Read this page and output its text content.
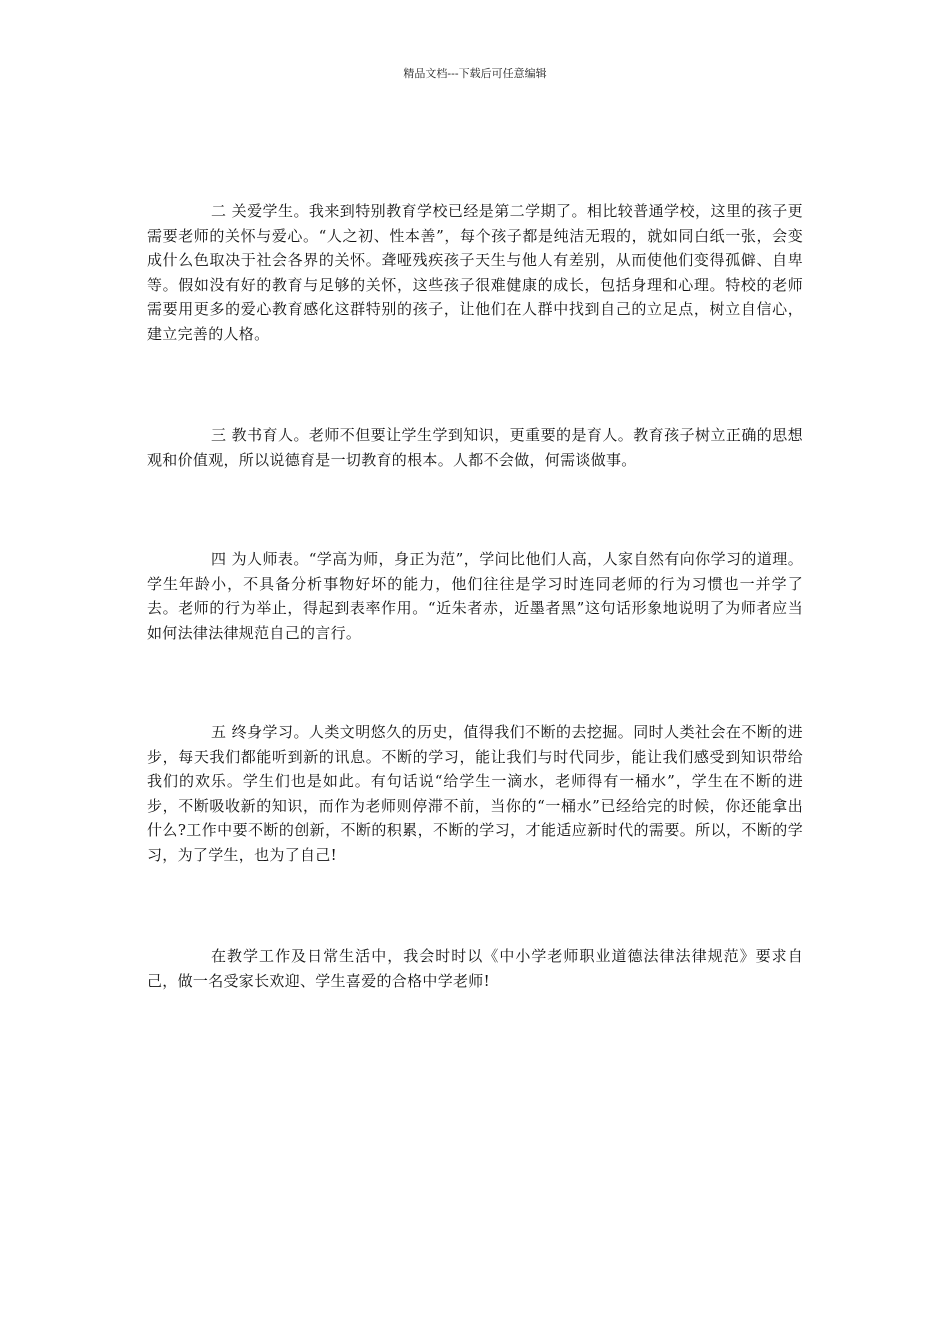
精品文档---下载后可任意编辑

二 关爱学生。我来到特别教育学校已经是第二学期了。相比较普通学校，这里的孩子更需要老师的关怀与爱心。“人之初、性本善”，每个孩子都是纯洁无瑕的，就如同白纸一张，会变成什么色取决于社会各界的关怀。聋哑残疾孩子天生与他人有差别，从而使他们变得孤僻、自卑等。假如没有好的教育与足够的关怀，这些孩子很难健康的成长，包括身理和心理。特校的老师需要用更多的爱心教育感化这群特别的孩子，让他们在人群中找到自己的立足点，树立自信心，建立完善的人格。

三 教书育人。老师不但要让学生学到知识，更重要的是育人。教育孩子树立正确的思想观和价值观，所以说德育是一切教育的根本。人都不会做，何需谈做事。

四 为人师表。“学高为师，身正为范”，学问比他们人高，人家自然有向你学习的道理。学生年龄小，不具备分析事物好坏的能力，他们往往是学习时连同老师的行为习惯也一并学了去。老师的行为举止，得起到表率作用。“近朱者赤，近墨者黑”这句话形象地说明了为师者应当如何法律法律规范自己的言行。

五 终身学习。人类文明悠久的历史，值得我们不断的去挖掘。同时人类社会在不断的进步，每天我们都能听到新的讯息。不断的学习，能让我们与时代同步，能让我们感受到知识带给我们的欢乐。学生们也是如此。有句话说“给学生一滴水，老师得有一桶水”，学生在不断的进步，不断吸收新的知识，而作为老师则停滞不前，当你的“一桶水”已经给完的时候，你还能拿出什么?工作中要不断的创新，不断的积累，不断的学习，才能适应新时代的需要。所以，不断的学习，为了学生，也为了自己!

在教学工作及日常生活中，我会时时以《中小学老师职业道德法律法律规范》要求自己，做一名受家长欢迎、学生喜爱的合格中学老师!
